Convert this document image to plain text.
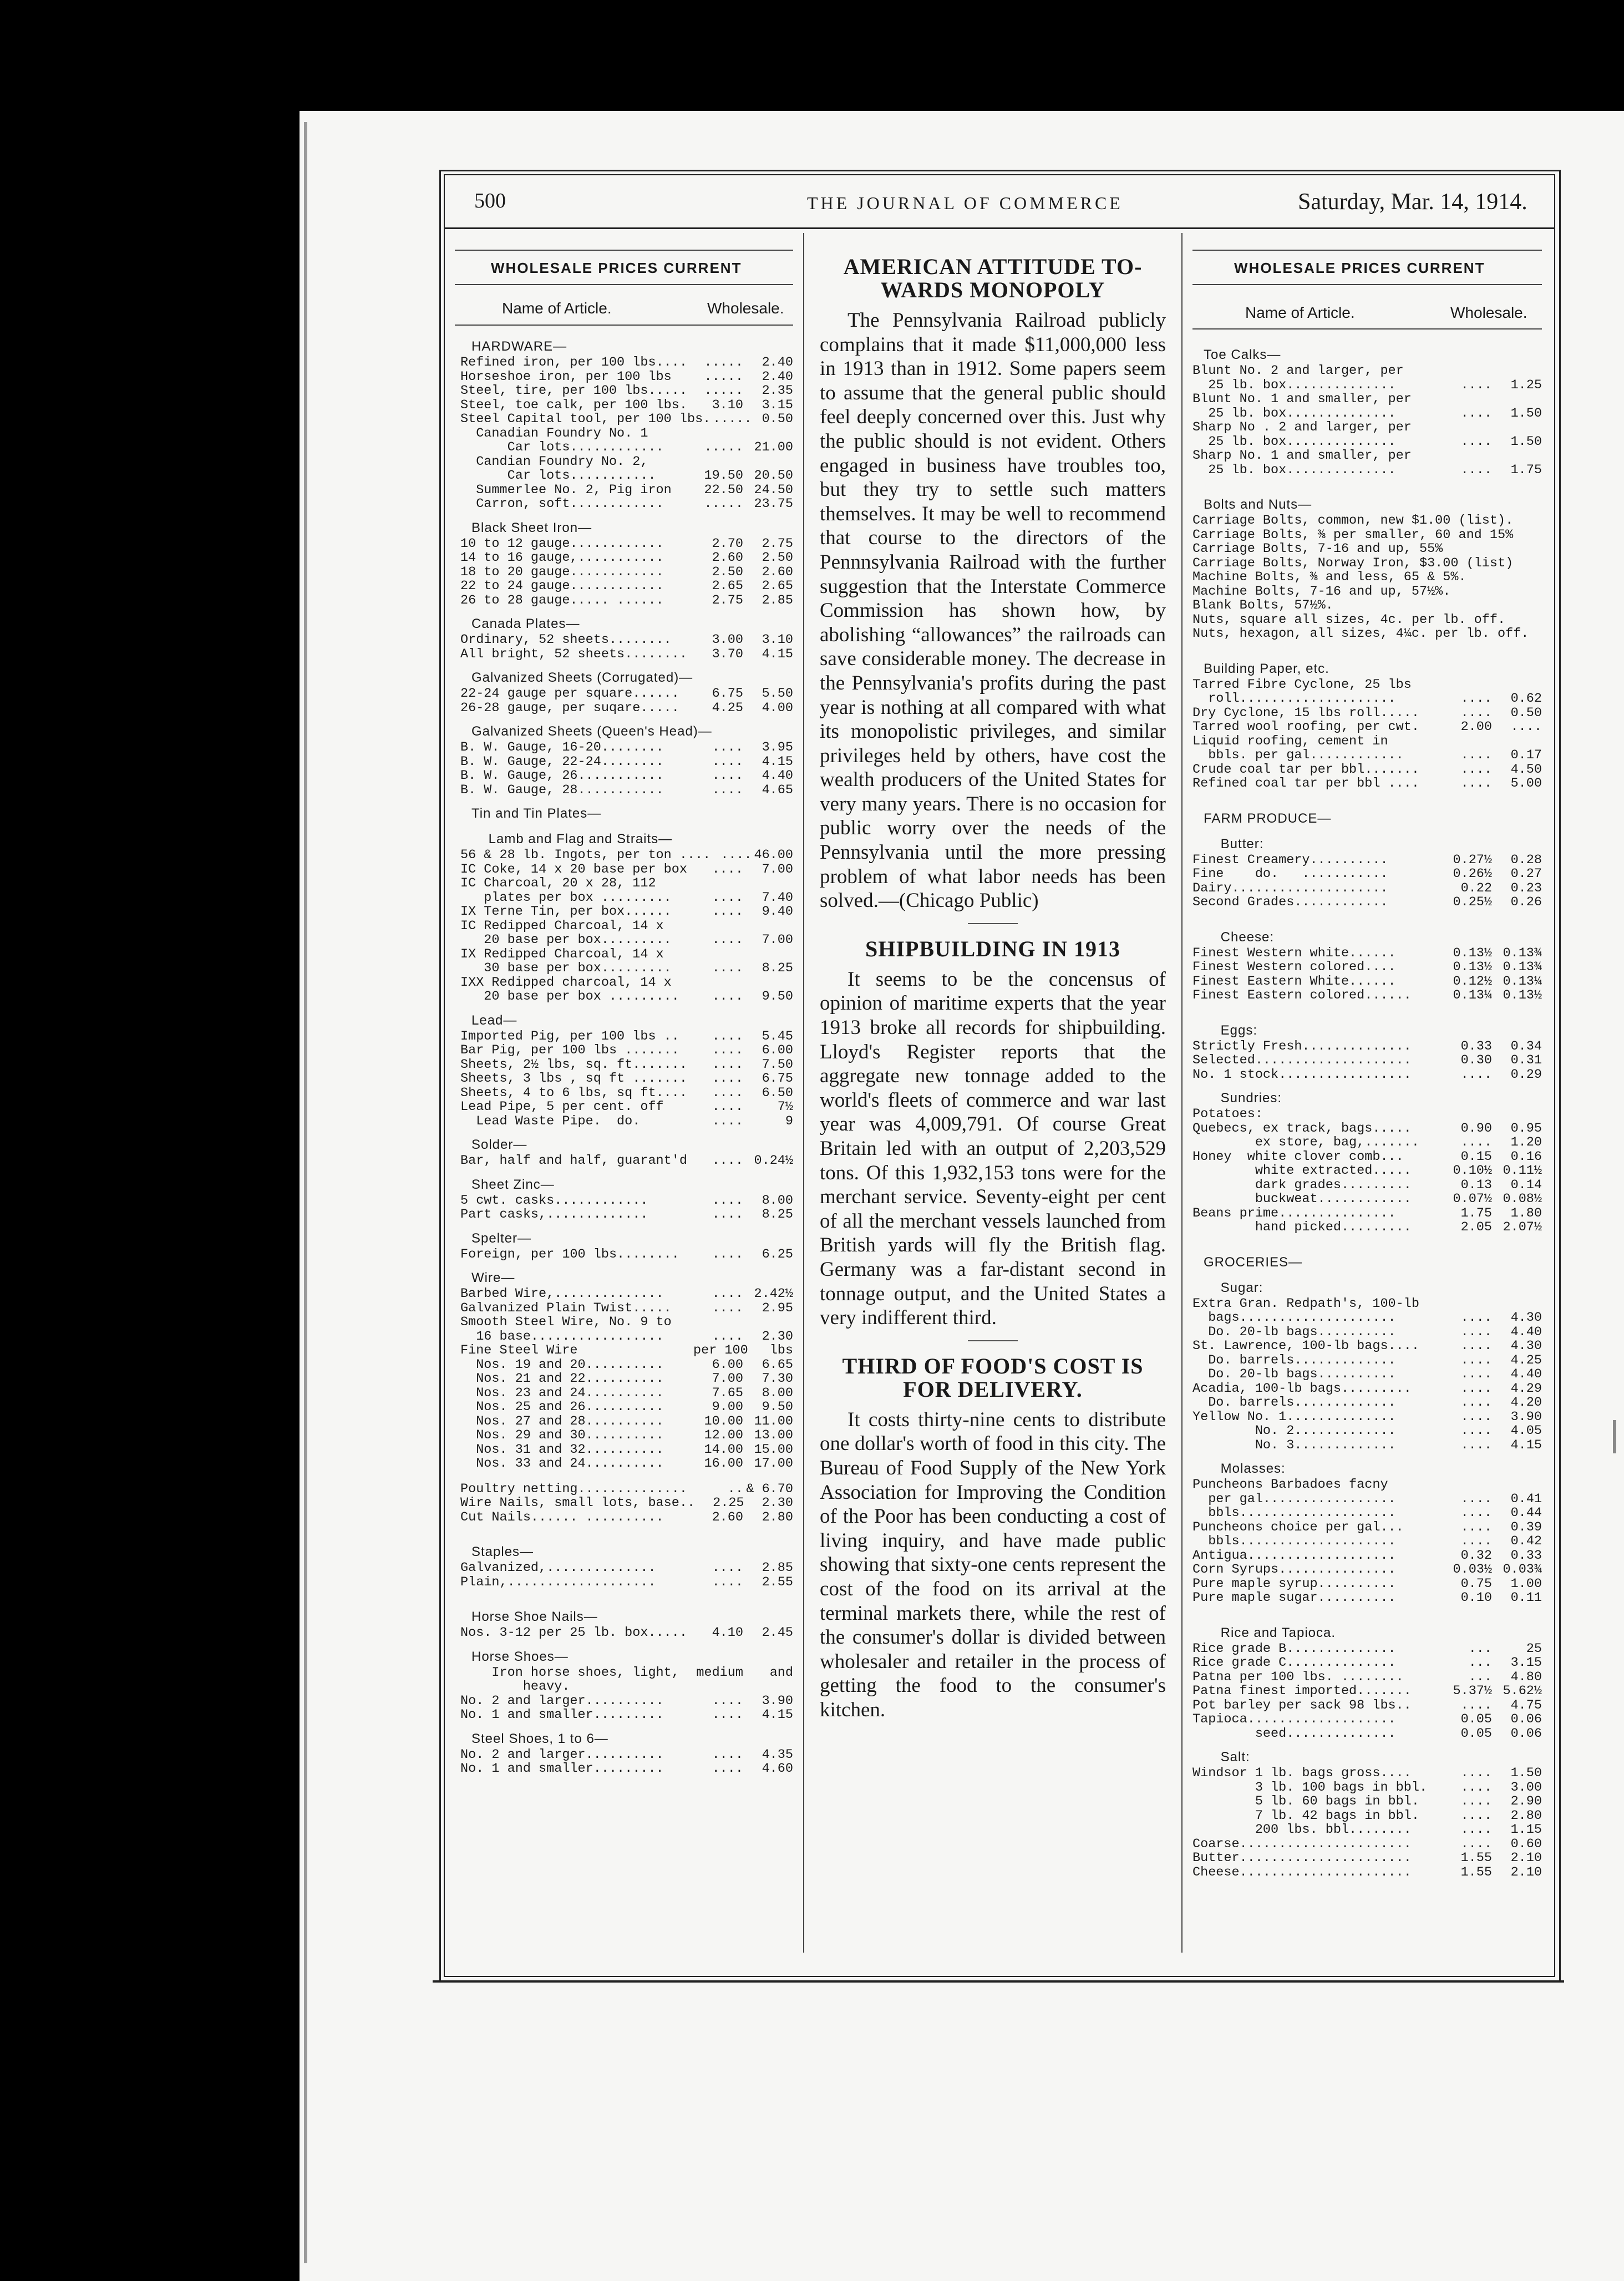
500	THE JOURNAL OF COMMERCE	Saturday, Mar. 14, 1914.
WHOLESALE PRICES CURRENT
Name of Article.	Wholesale.
HARDWARE—
Refined iron, per 100 lbs....	.....	2.40
Horseshoe iron, per 100 lbs	.....	2.40
Steel, tire, per 100 lbs.....	.....	2.35
Steel, toe calk, per 100 lbs.	3.10	3.15
Steel Capital tool, per 100 lbs. ..... 0.50
Canadian Foundry No. 1
Car lots............	..... 21.00
Candian Foundry No. 2,
Car lots...........	19.50 20.50
Summerlee No. 2, Pig iron	22.50 24.50
Carron, soft............	..... 23.75
Black Sheet Iron—
10 to 12 gauge............	2.70	2.75
14 to 16 gauge,...........	2.60	2.50
18 to 20 gauge............	2.50	2.60
22 to 24 gauge............	2.65	2.65
26 to 28 gauge..... ......	2.75	2.85
Canada Plates—
Ordinary, 52 sheets........	3.00	3.10
All bright, 52 sheets........	3.70	4.15
Galvanized Sheets (Corrugated)—
22-24 gauge per square......	6.75	5.50
26-28 gauge, per suqare.....	4.25	4.00
Galvanized Sheets (Queen's Head)—
B. W. Gauge, 16-20........	....	3.95
B. W. Gauge, 22-24........	....	4.15
B. W. Gauge, 26...........	....	4.40
B. W. Gauge, 28...........	....	4.65
Tin and Tin Plates—
Lamb and Flag and Straits—
56 & 28 lb. Ingots, per ton .... .... 46.00
IC Coke, 14 x 20 base per box	....	7.00
IC Charcoal, 20 x 28, 112
plates per box .........	....	7.40
IX Terne Tin, per box......	....	9.40
IC Redipped Charcoal, 14 x
20 base per box.........	....	7.00
IX Redipped Charcoal, 14 x
30 base per box.........	....	8.25
IXX Redipped charcoal, 14 x
20 base per box .........	....	9.50
Lead—
Imported Pig, per 100 lbs ..	....	5.45
Bar Pig, per 100 lbs .......	....	6.00
Sheets, 2½ lbs, sq. ft.......	....	7.50
Sheets, 3 lbs , sq ft .......	....	6.75
Sheets, 4 to 6 lbs, sq ft....	....	6.50
Lead Pipe, 5 per cent. off	....	7½
Lead Waste Pipe.  do.	....	9
Solder—
Bar, half and half, guarant'd	.... 0.24½
Sheet Zinc—
5 cwt. casks............	....	8.00
Part casks,.............	....	8.25
Spelter—
Foreign, per 100 lbs........	....	6.25
Wire—
Barbed Wire,..............	.... 2.42½
Galvanized Plain Twist.....	....	2.95
Smooth Steel Wire, No. 9 to
16 base.................	....	2.30
Fine Steel Wire	per 100	lbs
Nos. 19 and 20..........	6.00	6.65
Nos. 21 and 22..........	7.00	7.30
Nos. 23 and 24..........	7.65	8.00
Nos. 25 and 26..........	9.00	9.50
Nos. 27 and 28..........	10.00 11.00
Nos. 29 and 30..........	12.00 13.00
Nos. 31 and 32..........	14.00 15.00
Nos. 33 and 24..........	16.00 17.00
Poultry netting..............	.. & 6.70
Wire Nails, small lots, base..	2.25	2.30
Cut Nails...... ..........	2.60	2.80
Staples—
Galvanized,..............	....	2.85
Plain,...................	....	2.55
Horse Shoe Nails—
Nos. 3-12 per 25 lb. box.....	4.10	2.45
Horse Shoes—
Iron horse shoes, light,	medium	and
heavy.
No. 2 and larger..........	....	3.90
No. 1 and smaller.........	....	4.15
Steel Shoes, 1 to 6—
No. 2 and larger..........	....	4.35
No. 1 and smaller.........	....	4.60
AMERICAN ATTITUDE TO-WARDS MONOPOLY
The Pennsylvania Railroad publicly complains that it made $11,000,000 less in 1913 than in 1912. Some papers seem to assume that the general public should feel deeply concerned over this. Just why the public should is not evident. Others engaged in business have troubles too, but they try to settle such matters themselves. It may be well to recommend that course to the directors of the Pennnsylvania Railroad with the further suggestion that the Interstate Commerce Commission has shown how, by abolishing “allowances” the railroads can save considerable money. The decrease in the Pennsylvania's profits during the past year is nothing at all compared with what its monopolistic privileges, and similar privileges held by others, have cost the wealth producers of the United States for very many years. There is no occasion for public worry over the needs of the Pennsylvania until the more pressing problem of what labor needs has been solved.—(Chicago Public)
SHIPBUILDING IN 1913
It seems to be the concensus of opinion of maritime experts that the year 1913 broke all records for shipbuilding. Lloyd's Register reports that the aggregate new tonnage added to the world's fleets of commerce and war last year was 4,009,791. Of course Great Britain led with an output of 2,203,529 tons. Of this 1,932,153 tons were for the merchant service. Seventy-eight per cent of all the merchant vessels launched from British yards will fly the British flag. Germany was a far-distant second in tonnage output, and the United States a very indifferent third.
THIRD OF FOOD'S COST IS FOR DELIVERY.
It costs thirty-nine cents to distribute one dollar's worth of food in this city. The Bureau of Food Supply of the New York Association for Improving the Condition of the Poor has been conducting a cost of living inquiry, and have made public showing that sixty-one cents represent the cost of the food on its arrival at the terminal markets there, while the rest of the consumer's dollar is divided between wholesaler and retailer in the process of getting the food to the consumer's kitchen.
WHOLESALE PRICES CURRENT
Name of Article.	Wholesale.
Toe Calks—
Blunt No. 2 and larger, per
25 lb. box..............	....	1.25
Blunt No. 1 and smaller, per
25 lb. box..............	....	1.50
Sharp No . 2 and larger, per
25 lb. box..............	....	1.50
Sharp No. 1 and smaller, per
25 lb. box..............	....	1.75
Bolts and Nuts—
Carriage Bolts, common, new $1.00 (list).
Carriage Bolts, ⅜ per smaller, 60 and 15%
Carriage Bolts, 7-16 and up, 55%
Carriage Bolts, Norway Iron, $3.00 (list)
Machine Bolts, ⅜ and less, 65 & 5%.
Machine Bolts, 7-16 and up, 57½%.
Blank Bolts, 57½%.
Nuts, square all sizes, 4c. per lb. off.
Nuts, hexagon, all sizes, 4¼c. per lb. off.
Building Paper, etc.
Tarred Fibre Cyclone, 25 lbs
roll....................	....	0.62
Dry Cyclone, 15 lbs roll.....	....	0.50
Tarred wool roofing, per cwt.	2.00	....
Liquid roofing, cement in
bbls. per gal............	....	0.17
Crude coal tar per bbl.......	....	4.50
Refined coal tar per bbl ....	....	5.00
FARM PRODUCE—
Butter:
Finest Creamery..........	0.27½	0.28
Fine    do.   ...........	0.26½	0.27
Dairy....................	0.22	0.23
Second Grades............	0.25½	0.26
Cheese:
Finest Western white......	0.13½ 0.13¾
Finest Western colored....	0.13½ 0.13¾
Finest Eastern White......	0.12½ 0.13¼
Finest Eastern colored......	0.13¼ 0.13½
Eggs:
Strictly Fresh..............	0.33	0.34
Selected....................	0.30	0.31
No. 1 stock.................	....	0.29
Sundries:
Potatoes:
Quebecs, ex track, bags.....	0.90	0.95
ex store, bag,.......	....	1.20
Honey  white clover comb...	0.15	0.16
white extracted.....	0.10½ 0.11½
dark grades.........	0.13	0.14
buckweat............	0.07½ 0.08½
Beans prime...............	1.75	1.80
hand picked.........	2.05 2.07½
GROCERIES—
Sugar:
Extra Gran. Redpath's, 100-lb
bags....................	....	4.30
Do. 20-lb bags..........	....	4.40
St. Lawrence, 100-lb bags....	....	4.30
Do. barrels.............	....	4.25
Do. 20-lb bags..........	....	4.40
Acadia, 100-lb bags.........	....	4.29
Do. barrels.............	....	4.20
Yellow No. 1..............	....	3.90
No. 2.............	....	4.05
No. 3.............	....	4.15
Molasses:
Puncheons Barbadoes facny
per gal.................	....	0.41
bbls....................	....	0.44
Puncheons choice per gal...	....	0.39
bbls....................	....	0.42
Antigua...................	0.32	0.33
Corn Syrups...............	0.03½ 0.03¾
Pure maple syrup..........	0.75	1.00
Pure maple sugar..........	0.10	0.11
Rice and Tapioca.
Rice grade B..............	...	25
Rice grade C..............	...	3.15
Patna per 100 lbs. ........	...	4.80
Patna finest imported.......	5.37½ 5.62½
Pot barley per sack 98 lbs..	....	4.75
Tapioca...................	0.05	0.06
seed..............	0.05	0.06
Salt:
Windsor 1 lb. bags gross....	....	1.50
3 lb. 100 bags in bbl.	....	3.00
5 lb. 60 bags in bbl.	....	2.90
7 lb. 42 bags in bbl.	....	2.80
200 lbs. bbl........	....	1.15
Coarse......................	....	0.60
Butter......................	1.55	2.10
Cheese......................	1.55	2.10
